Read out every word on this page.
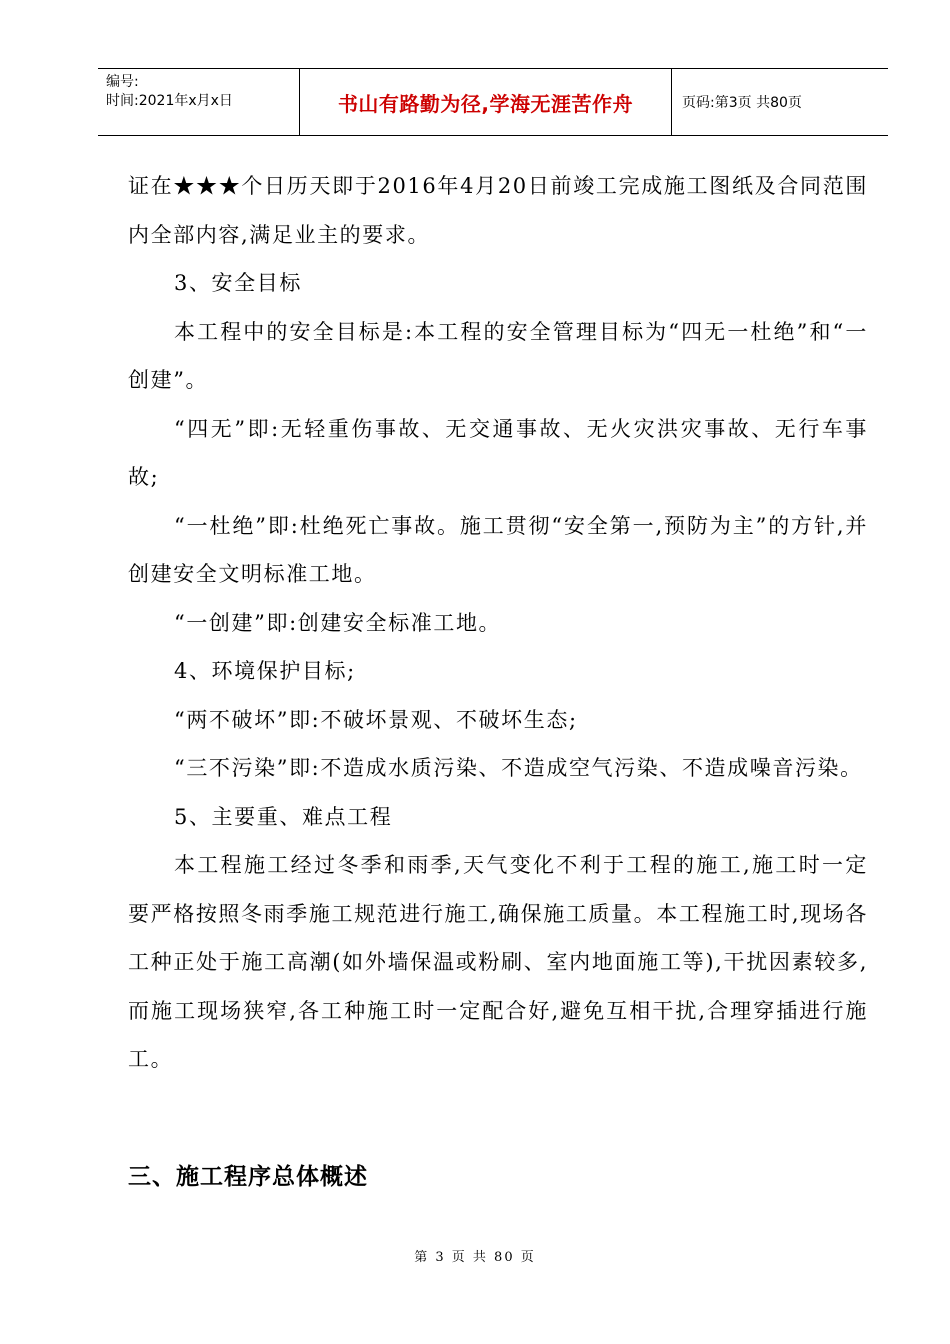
编号:
时间:2021年x月x日	书山有路勤为径,学海无涯苦作舟	页码:第3页 共80页

证在★★★个日历天即于2016年4月20日前竣工完成施工图纸及合同范围内全部内容,满足业主的要求。

3、安全目标

本工程中的安全目标是:本工程的安全管理目标为“四无一杜绝”和“一创建”。

“四无”即:无轻重伤事故、无交通事故、无火灾洪灾事故、无行车事故;

“一杜绝”即:杜绝死亡事故。施工贯彻“安全第一,预防为主”的方针,并创建安全文明标准工地。

“一创建”即:创建安全标准工地。

4、环境保护目标;

“两不破坏”即:不破坏景观、不破坏生态;

“三不污染”即:不造成水质污染、不造成空气污染、不造成噪音污染。

5、主要重、难点工程

本工程施工经过冬季和雨季,天气变化不利于工程的施工,施工时一定要严格按照冬雨季施工规范进行施工,确保施工质量。本工程施工时,现场各工种正处于施工高潮(如外墙保温或粉刷、室内地面施工等),干扰因素较多,而施工现场狭窄,各工种施工时一定配合好,避免互相干扰,合理穿插进行施工。

三、施工程序总体概述
第 3 页 共 80 页
